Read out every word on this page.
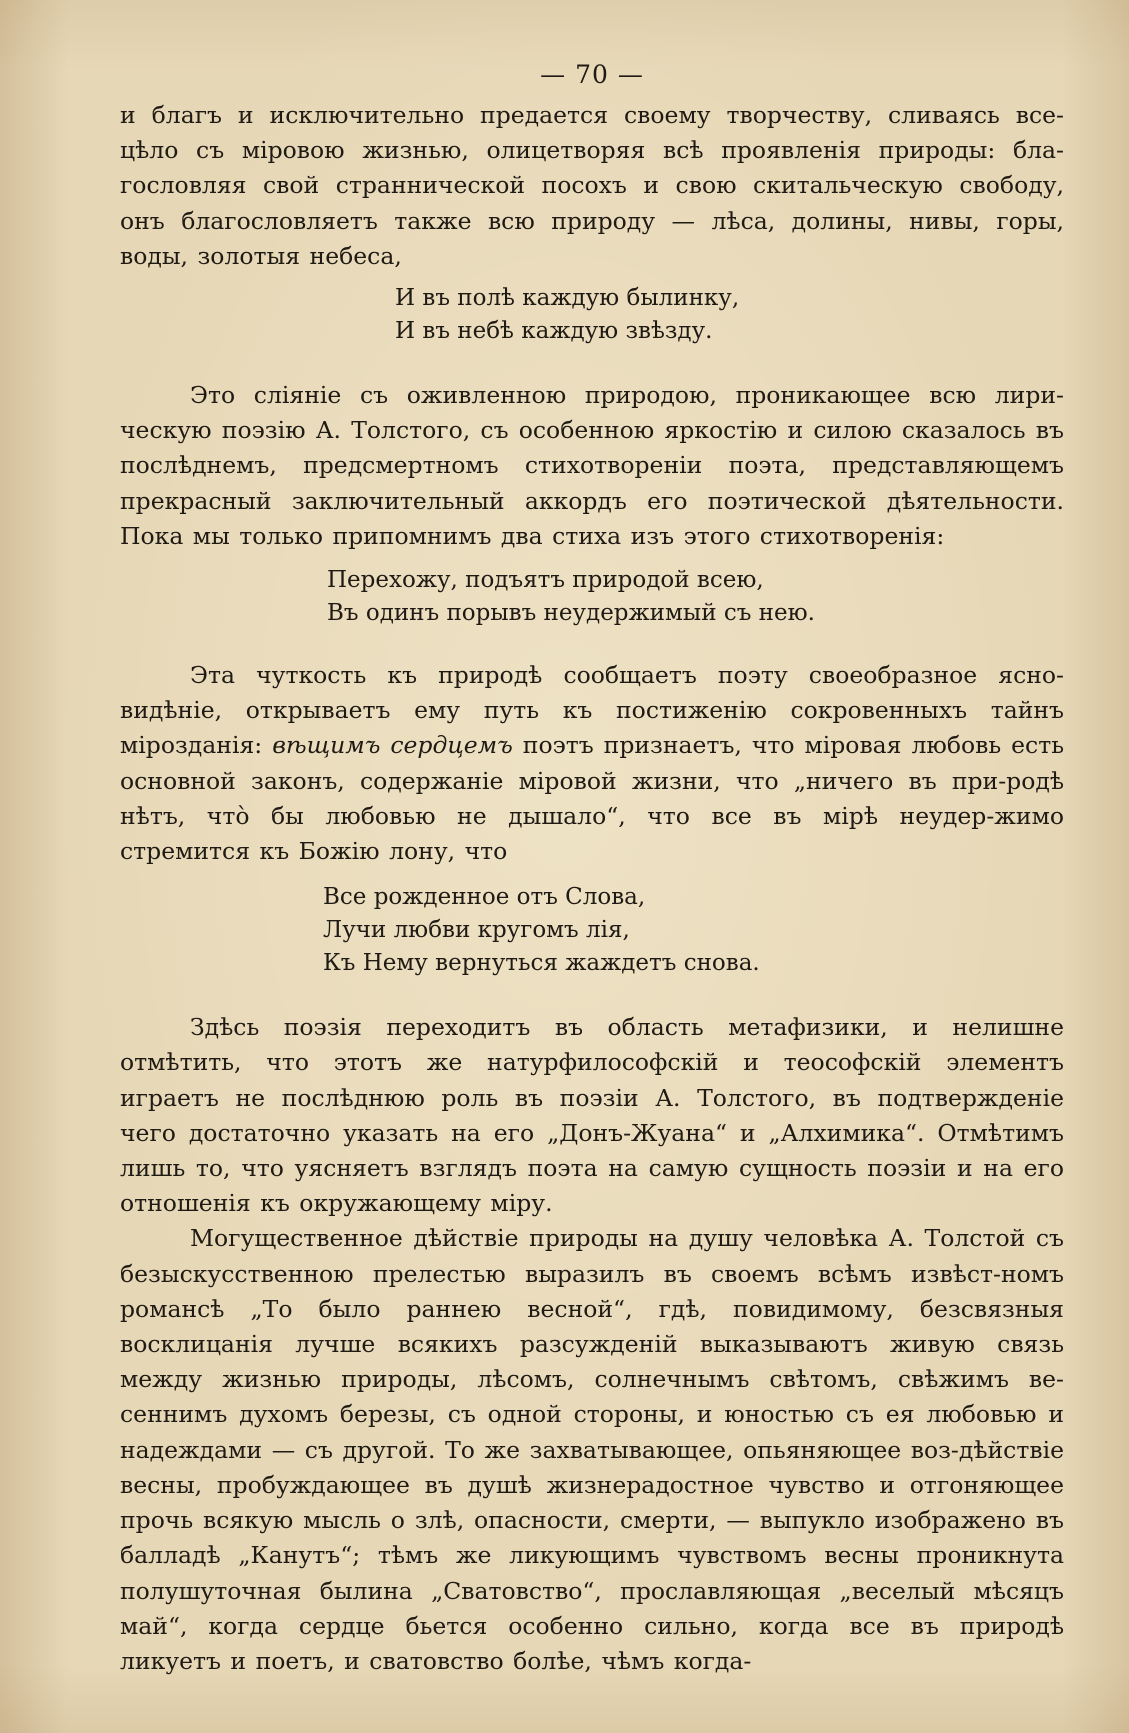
— 70 —

и благъ и исключительно предается своему творчеству, сливаясь все-цѣло съ міровою жизнью, олицетворяя всѣ проявленія природы: бла-гословляя свой страннической посохъ и свою скитальческую свободу, онъ благословляетъ также всю природу — лѣса, долины, нивы, горы, воды, золотыя небеса,

И въ полѣ каждую былинку,
И въ небѣ каждую звѣзду.

Это сліяніе съ оживленною природою, проникающее всю лири-ческую поэзію А. Толстого, съ особенною яркостію и силою сказалось въ послѣднемъ, предсмертномъ стихотвореніи поэта, представляющемъ прекрасный заключительный аккордъ его поэтической дѣятельности. Пока мы только припомнимъ два стиха изъ этого стихотворенія:

Перехожу, подъятъ природой всею,
Въ одинъ порывъ неудержимый съ нею.

Эта чуткость къ природѣ сообщаетъ поэту своеобразное ясно-видѣніе, открываетъ ему путь къ постиженію сокровенныхъ тайнъ мірозданія: вѣщимъ сердцемъ поэтъ признаетъ, что міровая любовь есть основной законъ, содержаніе міровой жизни, что „ничего въ при-родѣ нѣтъ, что̀ бы любовью не дышало“, что все въ мірѣ неудер-жимо стремится къ Божію лону, что

Все рожденное отъ Слова,
Лучи любви кругомъ лія,
Къ Нему вернуться жаждетъ снова.

Здѣсь поэзія переходитъ въ область метафизики, и нелишне отмѣтить, что этотъ же натурфилософскій и теософскій элементъ играетъ не послѣднюю роль въ поэзіи А. Толстого, въ подтвержденіе чего достаточно указать на его „Донъ-Жуана“ и „Алхимика“. Отмѣтимъ лишь то, что уясняетъ взглядъ поэта на самую сущность поэзіи и на его отношенія къ окружающему міру.

Могущественное дѣйствіе природы на душу человѣка А. Толстой съ безыскусственною прелестью выразилъ въ своемъ всѣмъ извѣст-номъ романсѣ „То было раннею весной“, гдѣ, повидимому, безсвязныя восклицанія лучше всякихъ разсужденій выказываютъ живую связь между жизнью природы, лѣсомъ, солнечнымъ свѣтомъ, свѣжимъ ве-сеннимъ духомъ березы, съ одной стороны, и юностью съ ея любовью и надеждами — съ другой. То же захватывающее, опьяняющее воз-дѣйствіе весны, пробуждающее въ душѣ жизнерадостное чувство и отгоняющее прочь всякую мысль о злѣ, опасности, смерти, — выпукло изображено въ балладѣ „Канутъ“; тѣмъ же ликующимъ чувствомъ весны проникнута полушуточная былина „Сватовство“, прославляющая „веселый мѣсяцъ май“, когда сердце бьется особенно сильно, когда все въ природѣ ликуетъ и поетъ, и сватовство болѣе, чѣмъ когда-
